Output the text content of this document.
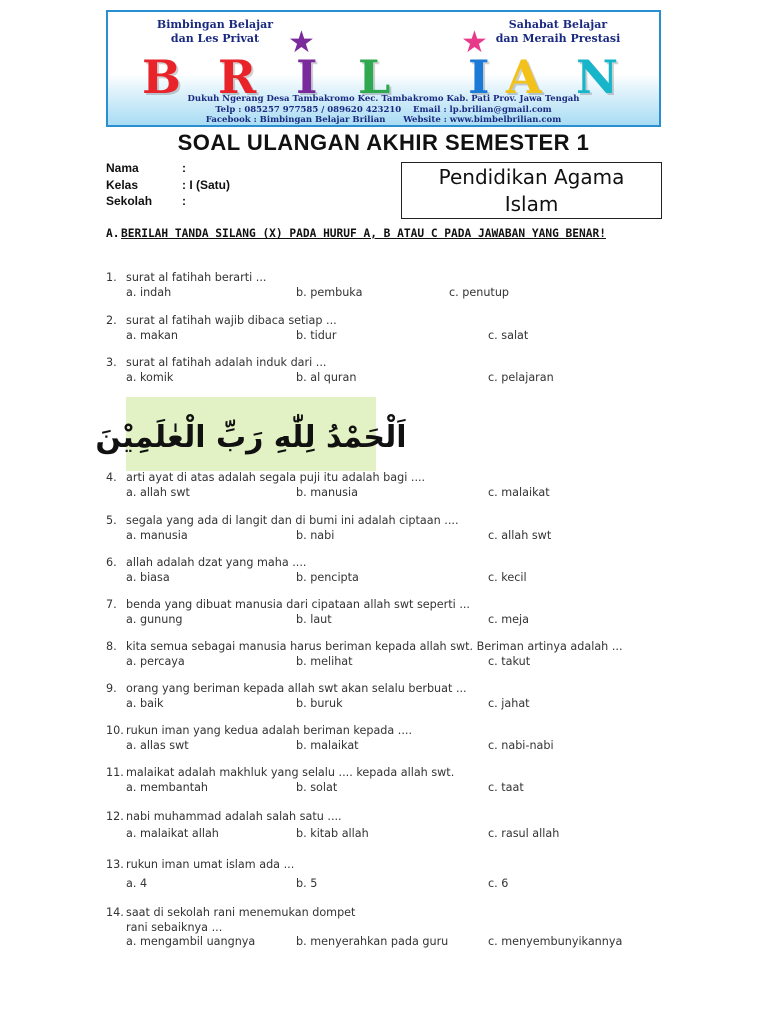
Bimbingan Belajar
dan Les Privat
Sahabat Belajar
dan Meraih Prestasi
★	★
B R I L I A N
Dukuh Ngerang Desa Tambakromo Kec. Tambakromo Kab. Pati Prov. Jawa Tengah
Telp : 085257 977585 / 089620 423210 Email : lp.brilian@gmail.com
Facebook : Bimbingan Belajar Brilian Website : www.bimbelbrilian.com
SOAL ULANGAN AKHIR SEMESTER 1
Nama	:
Kelas	: I (Satu)
Sekolah	:
Pendidikan Agama
Islam
A. BERILAH TANDA SILANG (X) PADA HURUF A, B ATAU C PADA JAWABAN YANG BENAR!
اَلْحَمْدُ لِلّٰهِ رَبِّ الْعٰلَمِيْنَ
1. surat al fatihah berarti ...
a. indah	b. pembuka	c. penutup
2. surat al fatihah wajib dibaca setiap ...
a. makan	b. tidur	c. salat
3. surat al fatihah adalah induk dari ...
a. komik	b. al quran	c. pelajaran
4. arti ayat di atas adalah segala puji itu adalah bagi ....
a. allah swt	b. manusia	c. malaikat
5. segala yang ada di langit dan di bumi ini adalah ciptaan ....
a. manusia	b. nabi	c. allah swt
6. allah adalah dzat yang maha ....
a. biasa	b. pencipta	c. kecil
7. benda yang dibuat manusia dari cipataan allah swt seperti ...
a. gunung	b. laut	c. meja
8. kita semua sebagai manusia harus beriman kepada allah swt. Beriman artinya adalah ...
a. percaya	b. melihat	c. takut
9. orang yang beriman kepada allah swt akan selalu berbuat ...
a. baik	b. buruk	c. jahat
10. rukun iman yang kedua adalah beriman kepada ....
a. allas swt	b. malaikat	c. nabi-nabi
11. malaikat adalah makhluk yang selalu .... kepada allah swt.
a. membantah	b. solat	c. taat
12. nabi muhammad adalah salah satu ....
a. malaikat allah	b. kitab allah	c. rasul allah
13. rukun iman umat islam ada ...
a. 4	b. 5	c. 6
14. saat di sekolah rani menemukan dompet
rani sebaiknya ...
a. mengambil uangnya	b. menyerahkan pada guru	c. menyembunyikannya
